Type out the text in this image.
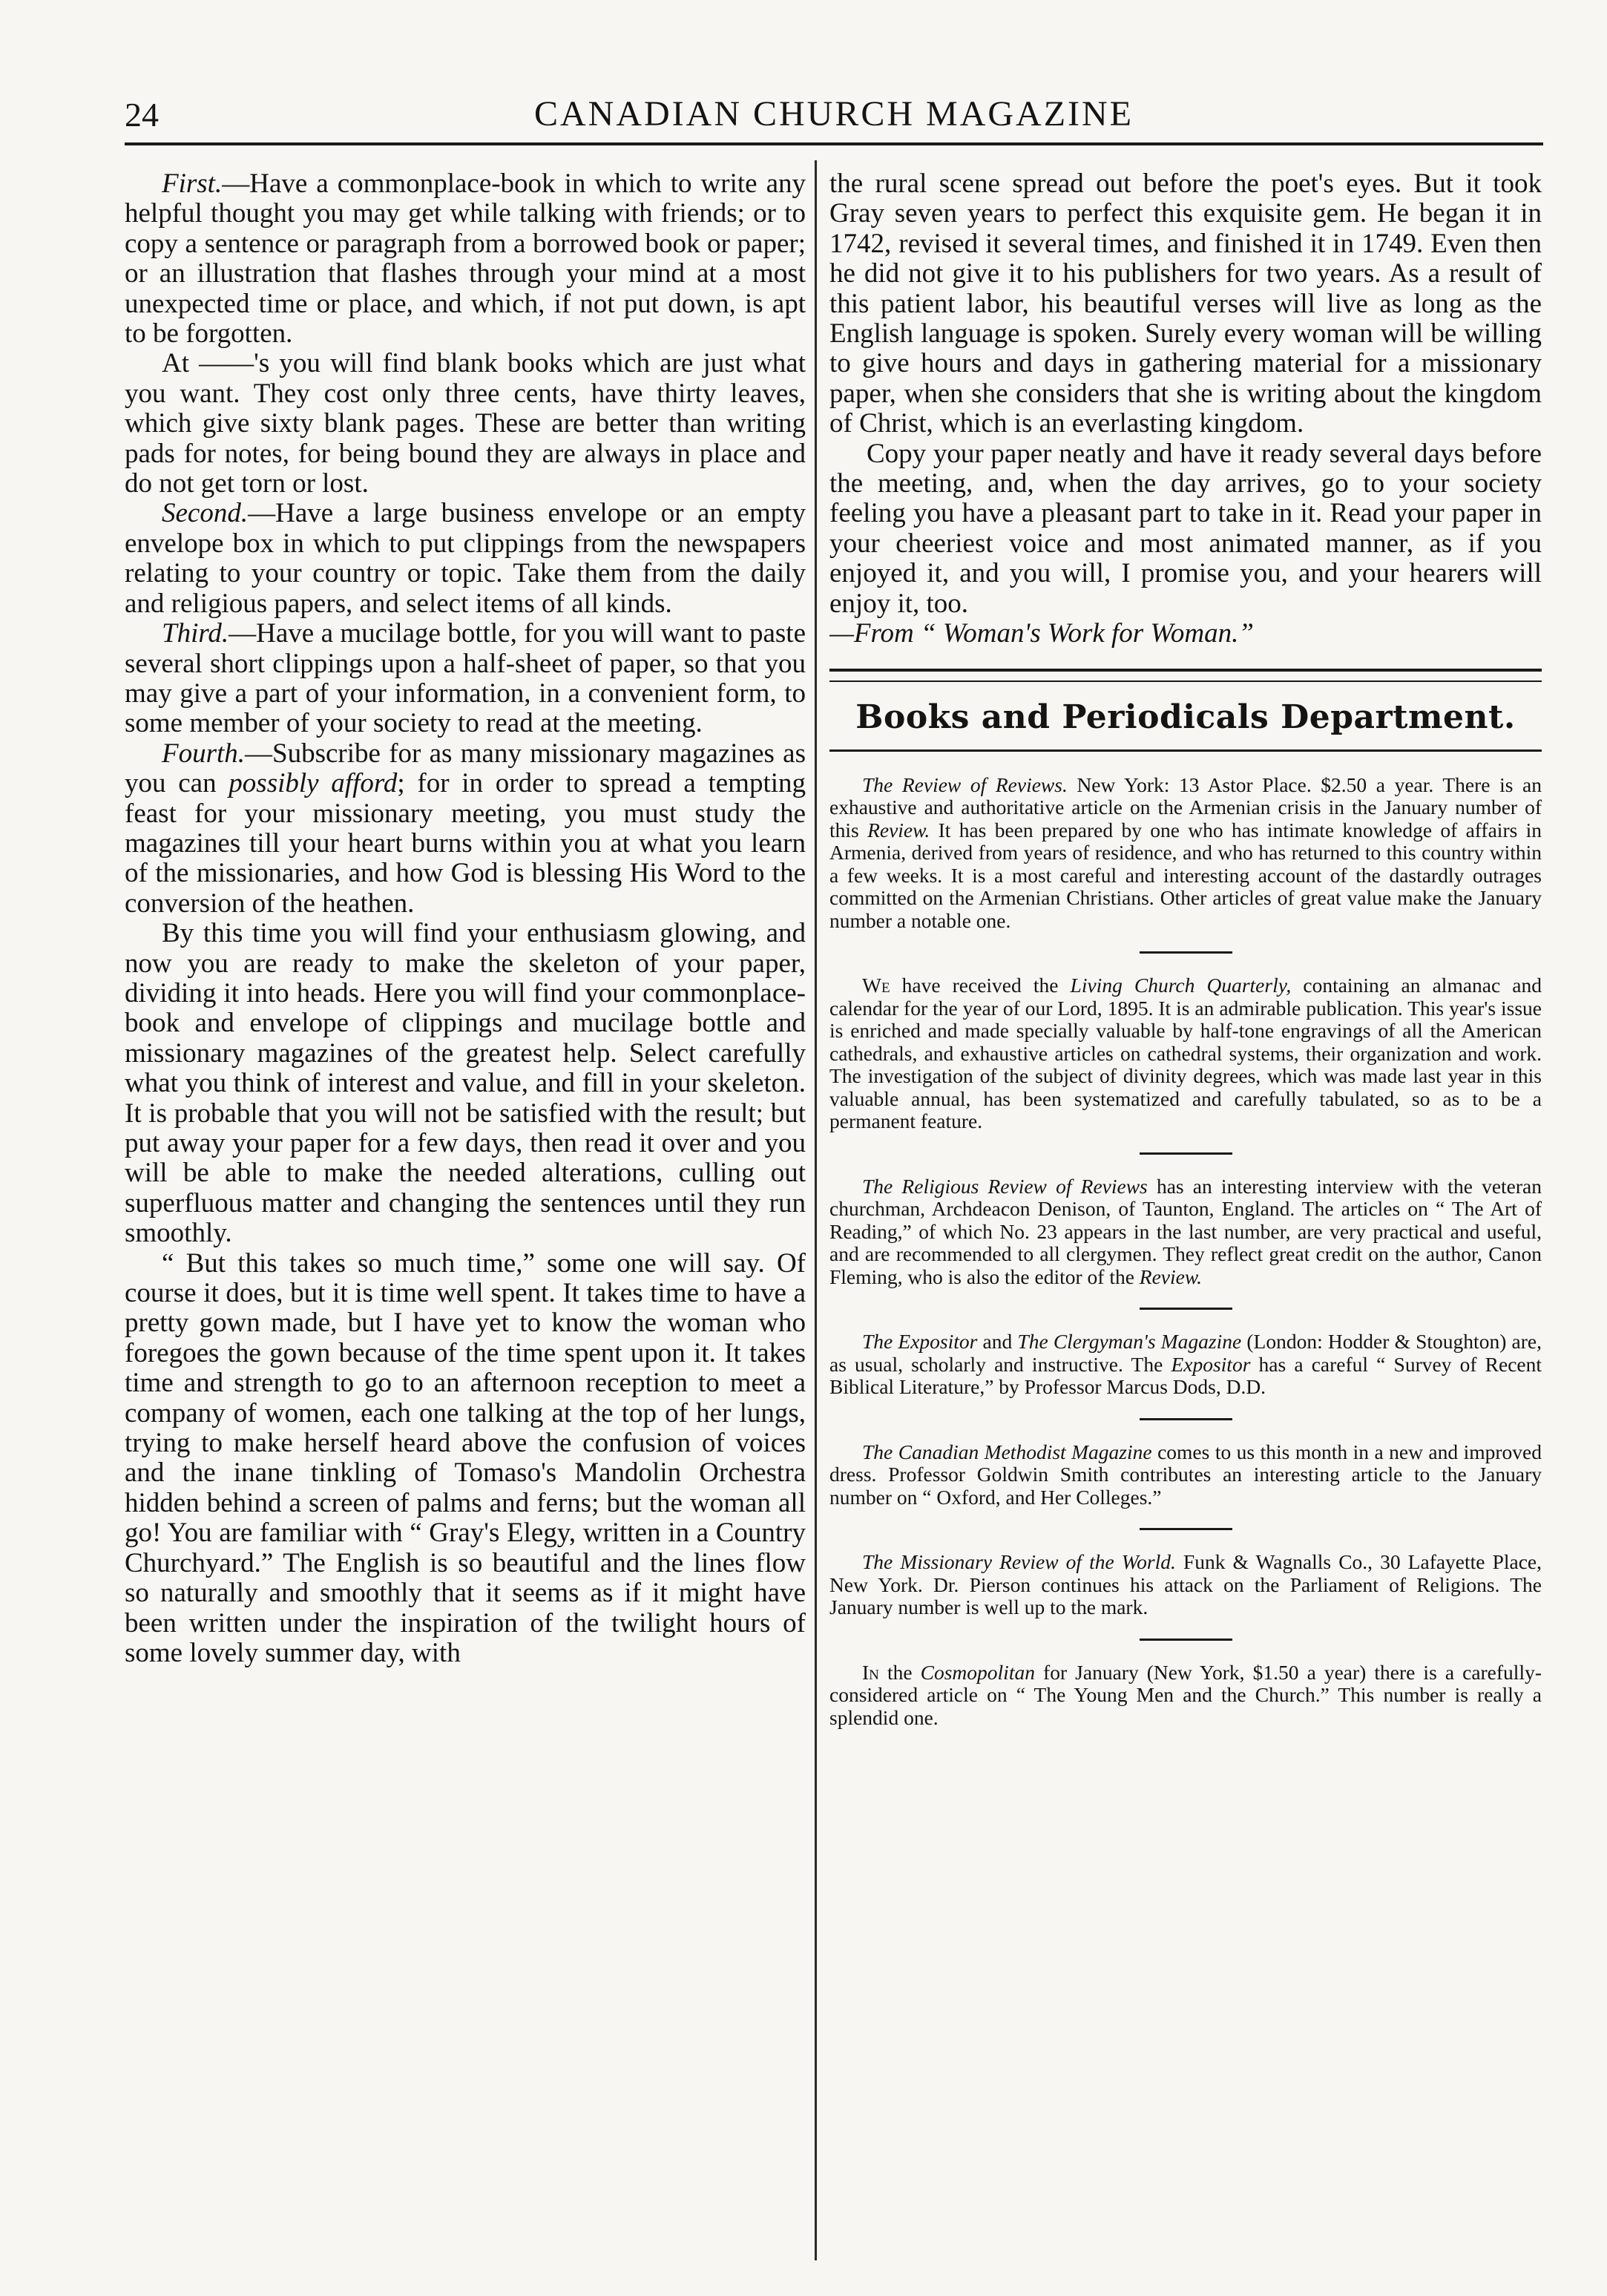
24	CANADIAN CHURCH MAGAZINE

First.—Have a commonplace-book in which to write any helpful thought you may get while talking with friends; or to copy a sentence or paragraph from a borrowed book or paper; or an illustration that flashes through your mind at a most unexpected time or place, and which, if not put down, is apt to be forgotten.

At ——'s you will find blank books which are just what you want. They cost only three cents, have thirty leaves, which give sixty blank pages. These are better than writing pads for notes, for being bound they are always in place and do not get torn or lost.

Second.—Have a large business envelope or an empty envelope box in which to put clippings from the newspapers relating to your country or topic. Take them from the daily and religious papers, and select items of all kinds.

Third.—Have a mucilage bottle, for you will want to paste several short clippings upon a half-sheet of paper, so that you may give a part of your information, in a convenient form, to some member of your society to read at the meeting.

Fourth.—Subscribe for as many missionary magazines as you can possibly afford; for in order to spread a tempting feast for your missionary meeting, you must study the magazines till your heart burns within you at what you learn of the missionaries, and how God is blessing His Word to the conversion of the heathen.

By this time you will find your enthusiasm glowing, and now you are ready to make the skeleton of your paper, dividing it into heads. Here you will find your commonplace-book and envelope of clippings and mucilage bottle and missionary magazines of the greatest help. Select carefully what you think of interest and value, and fill in your skeleton. It is probable that you will not be satisfied with the result; but put away your paper for a few days, then read it over and you will be able to make the needed alterations, culling out superfluous matter and changing the sentences until they run smoothly.

“ But this takes so much time,” some one will say. Of course it does, but it is time well spent. It takes time to have a pretty gown made, but I have yet to know the woman who foregoes the gown because of the time spent upon it. It takes time and strength to go to an afternoon reception to meet a company of women, each one talking at the top of her lungs, trying to make herself heard above the confusion of voices and the inane tinkling of Tomaso's Mandolin Orchestra hidden behind a screen of palms and ferns; but the woman all go! You are familiar with “ Gray's Elegy, written in a Country Churchyard.” The English is so beautiful and the lines flow so naturally and smoothly that it seems as if it might have been written under the inspiration of the twilight hours of some lovely summer day, with

the rural scene spread out before the poet's eyes. But it took Gray seven years to perfect this exquisite gem. He began it in 1742, revised it several times, and finished it in 1749. Even then he did not give it to his publishers for two years. As a result of this patient labor, his beautiful verses will live as long as the English language is spoken. Surely every woman will be willing to give hours and days in gathering material for a missionary paper, when she considers that she is writing about the kingdom of Christ, which is an everlasting kingdom.

Copy your paper neatly and have it ready several days before the meeting, and, when the day arrives, go to your society feeling you have a pleasant part to take in it. Read your paper in your cheeriest voice and most animated manner, as if you enjoyed it, and you will, I promise you, and your hearers will enjoy it, too.
—From “ Woman's Work for Woman.”

Books and Periodicals Department.

The Review of Reviews. New York: 13 Astor Place. $2.50 a year. There is an exhaustive and authoritative article on the Armenian crisis in the January number of this Review. It has been prepared by one who has intimate knowledge of affairs in Armenia, derived from years of residence, and who has returned to this country within a few weeks. It is a most careful and interesting account of the dastardly outrages committed on the Armenian Christians. Other articles of great value make the January number a notable one.

We have received the Living Church Quarterly, containing an almanac and calendar for the year of our Lord, 1895. It is an admirable publication. This year's issue is enriched and made specially valuable by half-tone engravings of all the American cathedrals, and exhaustive articles on cathedral systems, their organization and work. The investigation of the subject of divinity degrees, which was made last year in this valuable annual, has been systematized and carefully tabulated, so as to be a permanent feature.

The Religious Review of Reviews has an interesting interview with the veteran churchman, Archdeacon Denison, of Taunton, England. The articles on “ The Art of Reading,” of which No. 23 appears in the last number, are very practical and useful, and are recommended to all clergymen. They reflect great credit on the author, Canon Fleming, who is also the editor of the Review.

The Expositor and The Clergyman's Magazine (London: Hodder & Stoughton) are, as usual, scholarly and instructive. The Expositor has a careful “ Survey of Recent Biblical Literature,” by Professor Marcus Dods, D.D.

The Canadian Methodist Magazine comes to us this month in a new and improved dress. Professor Goldwin Smith contributes an interesting article to the January number on “ Oxford, and Her Colleges.”

The Missionary Review of the World. Funk & Wagnalls Co., 30 Lafayette Place, New York. Dr. Pierson continues his attack on the Parliament of Religions. The January number is well up to the mark.

In the Cosmopolitan for January (New York, $1.50 a year) there is a carefully-considered article on “ The Young Men and the Church.” This number is really a splendid one.
